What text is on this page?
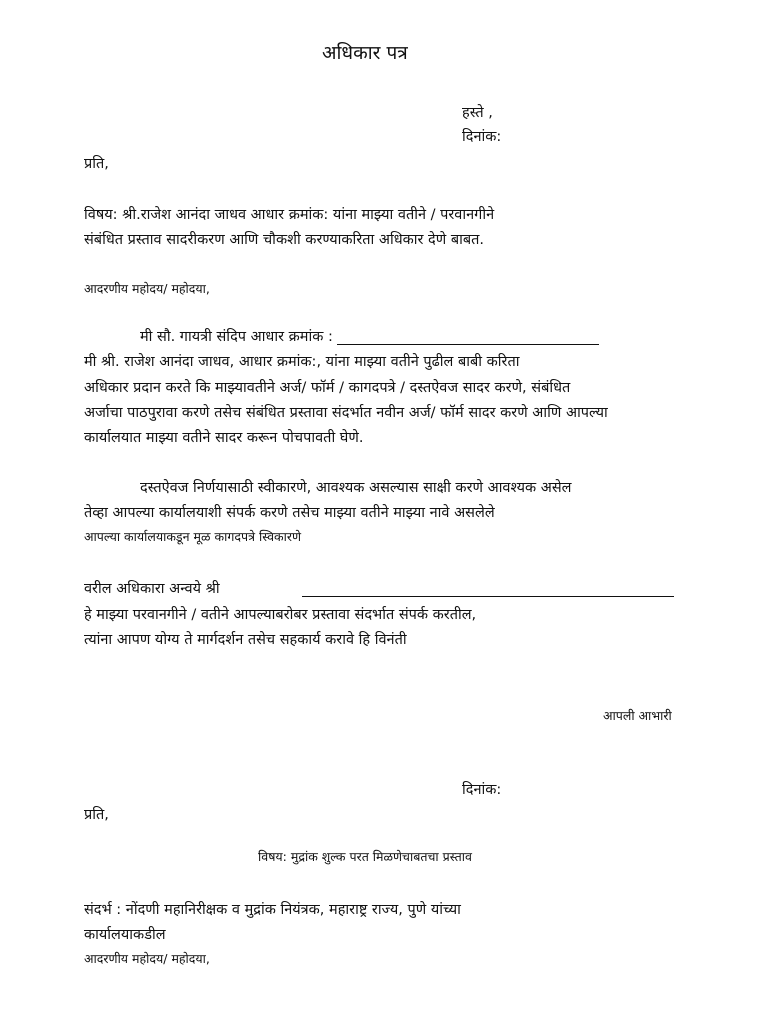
अधिकार पत्र
हस्ते ,
दिनांक:
प्रति,
विषय: श्री.राजेश आनंदा जाधव आधार क्रमांक: यांना माझ्या वतीने / परवानगीने
संबंधित प्रस्ताव सादरीकरण आणि चौकशी करण्याकरिता अधिकार देणे बाबत.
आदरणीय महोदय/ महोदया,
मी सौ. गायत्री संदिप आधार क्रमांक :
मी श्री. राजेश आनंदा जाधव, आधार क्रमांक:, यांना माझ्या वतीने पुढील बाबी करिता
अधिकार प्रदान करते कि माझ्यावतीने अर्ज/ फॉर्म / कागदपत्रे / दस्तऐवज सादर करणे, संबंधित
अर्जाचा पाठपुरावा करणे तसेच संबंधित प्रस्तावा संदर्भात नवीन अर्ज/ फॉर्म सादर करणे आणि आपल्या
कार्यालयात माझ्या वतीने सादर करून पोचपावती घेणे.
दस्तऐवज निर्णयासाठी स्वीकारणे, आवश्यक असल्यास साक्षी करणे आवश्यक असेल
तेव्हा आपल्या कार्यालयाशी संपर्क करणे तसेच माझ्या वतीने माझ्या नावे असलेले
आपल्या कार्यालयाकडून मूळ कागदपत्रे स्विकारणे
वरील अधिकारा अन्वये श्री
हे माझ्या परवानगीने / वतीने आपल्याबरोबर प्रस्तावा संदर्भात संपर्क करतील,
त्यांना आपण योग्य ते मार्गदर्शन तसेच सहकार्य करावे हि विनंती
आपली आभारी
दिनांक:
प्रति,
विषय: मुद्रांक शुल्क परत मिळणेचाबतचा प्रस्ताव
संदर्भ : नोंदणी महानिरीक्षक व मुद्रांक नियंत्रक, महाराष्ट्र राज्य, पुणे यांच्या
कार्यालयाकडील
आदरणीय महोदय/ महोदया,
